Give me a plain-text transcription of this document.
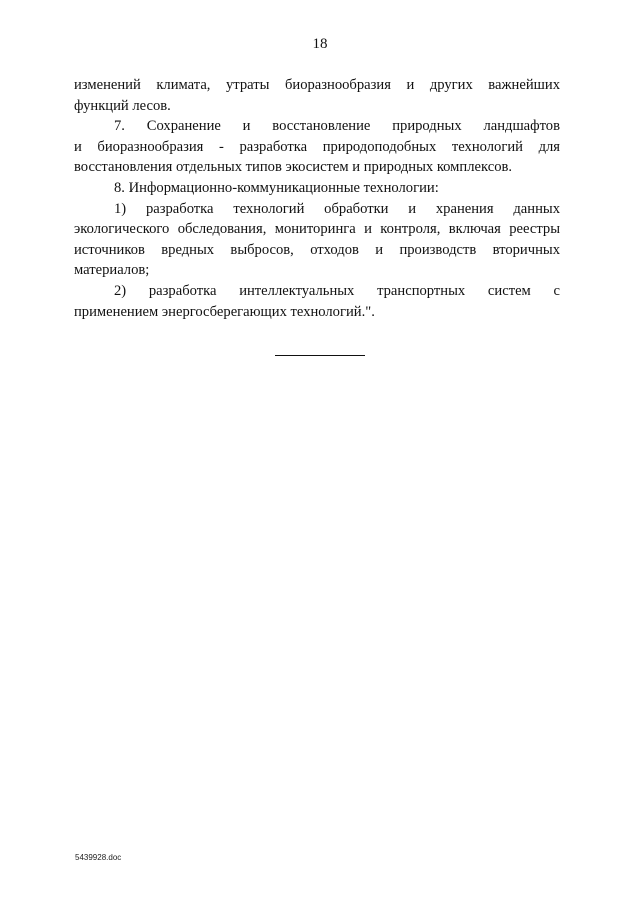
18
изменений климата, утраты биоразнообразия и других важнейших
функций лесов.
7. Сохранение и восстановление природных ландшафтов
и биоразнообразия - разработка природоподобных технологий для
восстановления отдельных типов экосистем и природных комплексов.
8. Информационно-коммуникационные технологии:
1) разработка технологий обработки и хранения данных
экологического обследования, мониторинга и контроля, включая реестры
источников вредных выбросов, отходов и производств вторичных
материалов;
2) разработка интеллектуальных транспортных систем с
применением энергосберегающих технологий.".
5439928.doc
